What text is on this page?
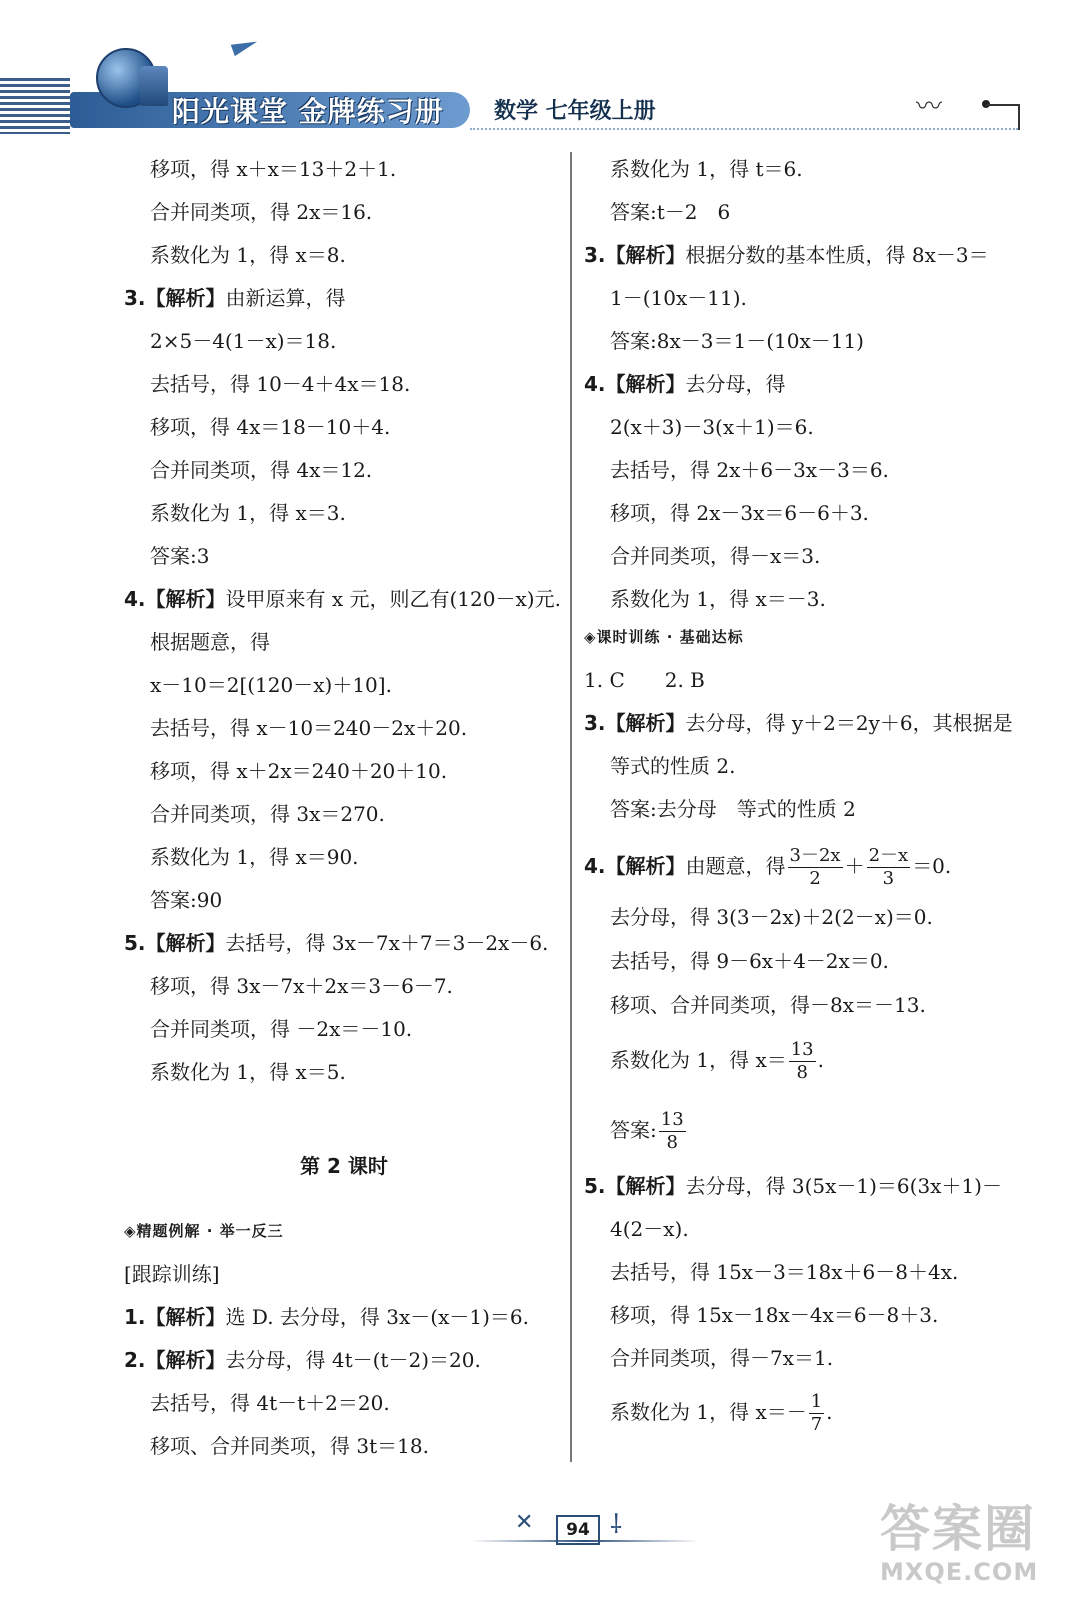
阳光课堂 金牌练习册 数学 七年级上册	〰
移项，得 x＋x＝13＋2＋1.
合并同类项，得 2x＝16.
系数化为 1，得 x＝8.
3.【解析】由新运算，得
2×5－4(1－x)＝18.
去括号，得 10－4＋4x＝18.
移项，得 4x＝18－10＋4.
合并同类项，得 4x＝12.
系数化为 1，得 x＝3.
答案:3
4.【解析】设甲原来有 x 元，则乙有(120－x)元.
根据题意，得
x－10＝2[(120－x)＋10].
去括号，得 x－10＝240－2x＋20.
移项，得 x＋2x＝240＋20＋10.
合并同类项，得 3x＝270.
系数化为 1，得 x＝90.
答案:90
5.【解析】去括号，得 3x－7x＋7＝3－2x－6.
移项，得 3x－7x＋2x＝3－6－7.
合并同类项，得 －2x＝－10.
系数化为 1，得 x＝5.
第 2 课时
◈精题例解 · 举一反三
[跟踪训练]
1.【解析】选 D. 去分母，得 3x－(x－1)＝6.
2.【解析】去分母，得 4t－(t－2)＝20.
去括号，得 4t－t＋2＝20.
移项、合并同类项，得 3t＝18.
系数化为 1，得 t＝6.
答案:t－2　6
3.【解析】根据分数的基本性质，得 8x－3＝
1－(10x－11).
答案:8x－3＝1－(10x－11)
4.【解析】去分母，得
2(x＋3)－3(x＋1)＝6.
去括号，得 2x＋6－3x－3＝6.
移项，得 2x－3x＝6－6＋3.
合并同类项，得－x＝3.
系数化为 1，得 x＝－3.
◈课时训练 · 基础达标
1. C　　2. B
3.【解析】去分母，得 y＋2＝2y＋6，其根据是
等式的性质 2.
答案:去分母　等式的性质 2
4.【解析】由题意，得 $\frac{3-2x}{2} + \frac{2-x}{3} =0$.
去分母，得 3(3－2x)＋2(2－x)＝0.
去括号，得 9－6x＋4－2x＝0.
移项、合并同类项，得－8x＝－13.
系数化为 1，得 $x= \frac{13}{8}$ .
答案: $\frac{13}{8}$
5.【解析】去分母，得 3(5x－1)＝6(3x＋1)－
4(2－x).
去括号，得 15x－3＝18x＋6－8＋4x.
移项，得 15x－18x－4x＝6－8＋3.
合并同类项，得－7x＝1.
系数化为 1，得 $x=- \frac{1}{7}$ .
✕	94 ⸸	答案圈
MXQE.COM
